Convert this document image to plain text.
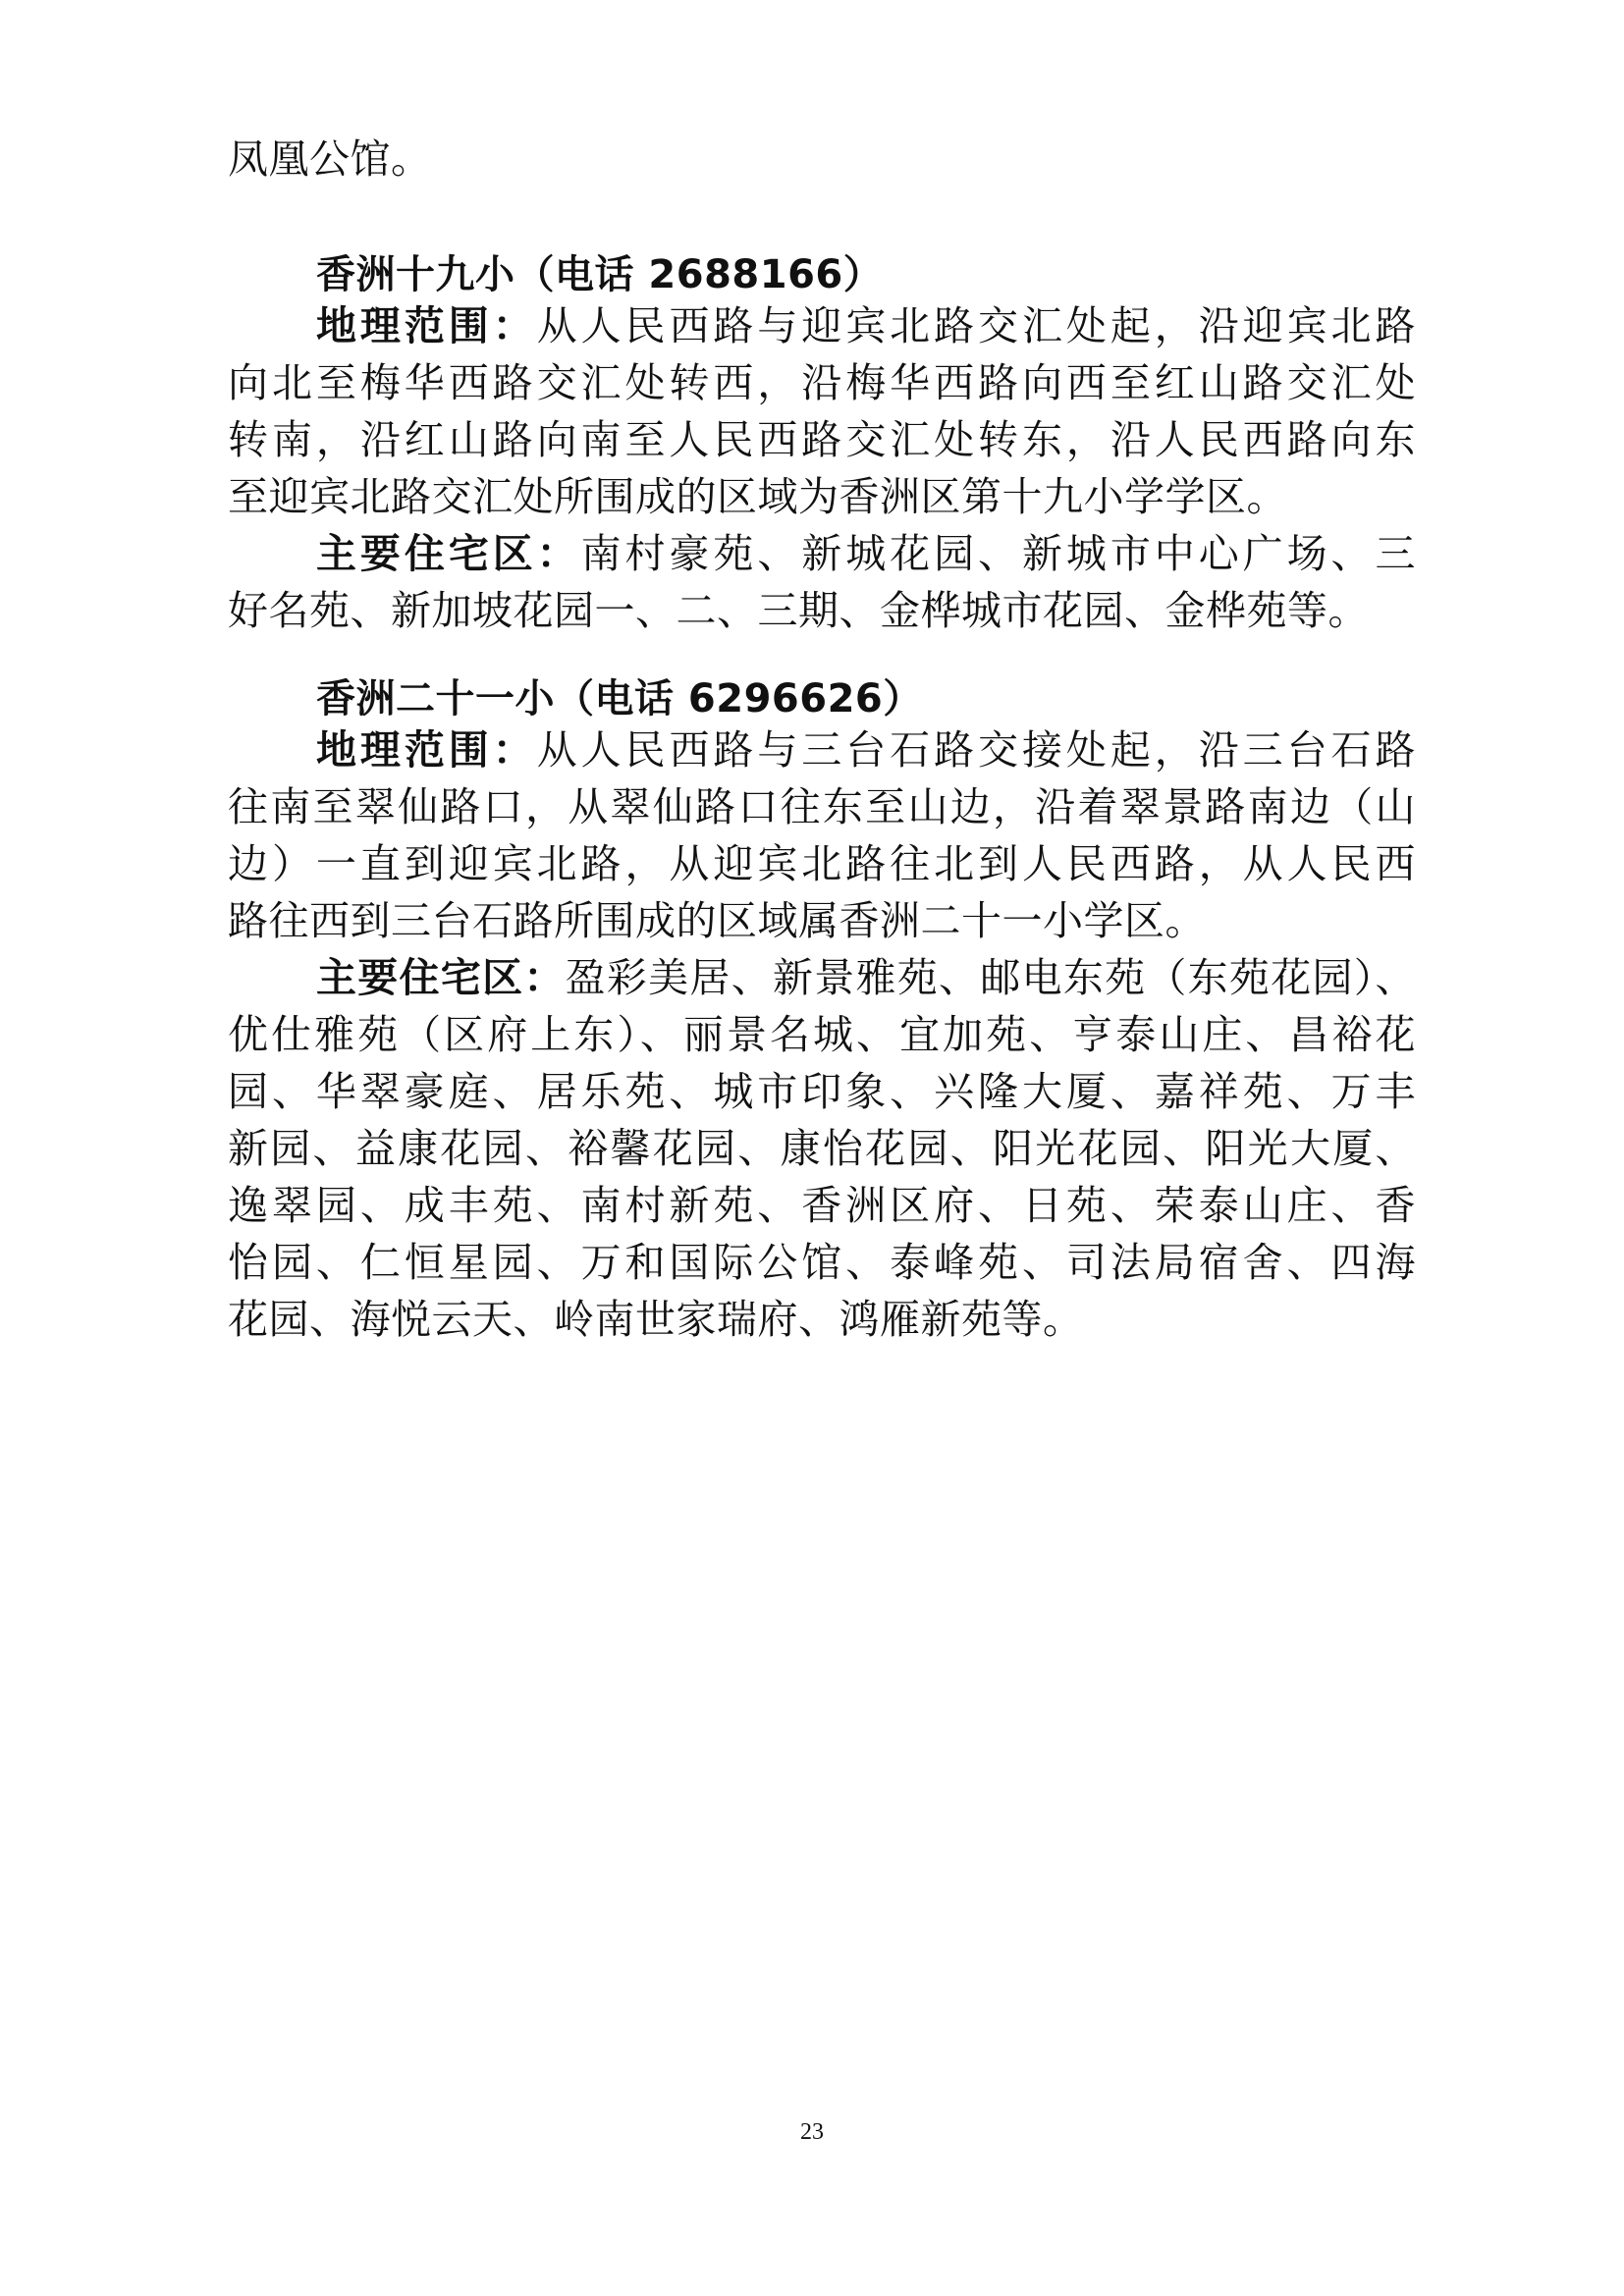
凤凰公馆。
香洲十九小（电话 2688166）
地理范围：从人民西路与迎宾北路交汇处起，沿迎宾北路
向北至梅华西路交汇处转西，沿梅华西路向西至红山路交汇处
转南，沿红山路向南至人民西路交汇处转东，沿人民西路向东
至迎宾北路交汇处所围成的区域为香洲区第十九小学学区。
主要住宅区：南村豪苑、新城花园、新城市中心广场、三
好名苑、新加坡花园一、二、三期、金桦城市花园、金桦苑等。
香洲二十一小（电话 6296626）
地理范围：从人民西路与三台石路交接处起，沿三台石路
往南至翠仙路口，从翠仙路口往东至山边，沿着翠景路南边（山
边）一直到迎宾北路，从迎宾北路往北到人民西路，从人民西
路往西到三台石路所围成的区域属香洲二十一小学区。
主要住宅区：盈彩美居、新景雅苑、邮电东苑（东苑花园）、
优仕雅苑（区府上东）、丽景名城、宜加苑、亨泰山庄、昌裕花
园、华翠豪庭、居乐苑、城市印象、兴隆大厦、嘉祥苑、万丰
新园、益康花园、裕馨花园、康怡花园、阳光花园、阳光大厦、
逸翠园、成丰苑、南村新苑、香洲区府、日苑、荣泰山庄、香
怡园、仁恒星园、万和国际公馆、泰峰苑、司法局宿舍、四海
花园、海悦云天、岭南世家瑞府、鸿雁新苑等。
23
